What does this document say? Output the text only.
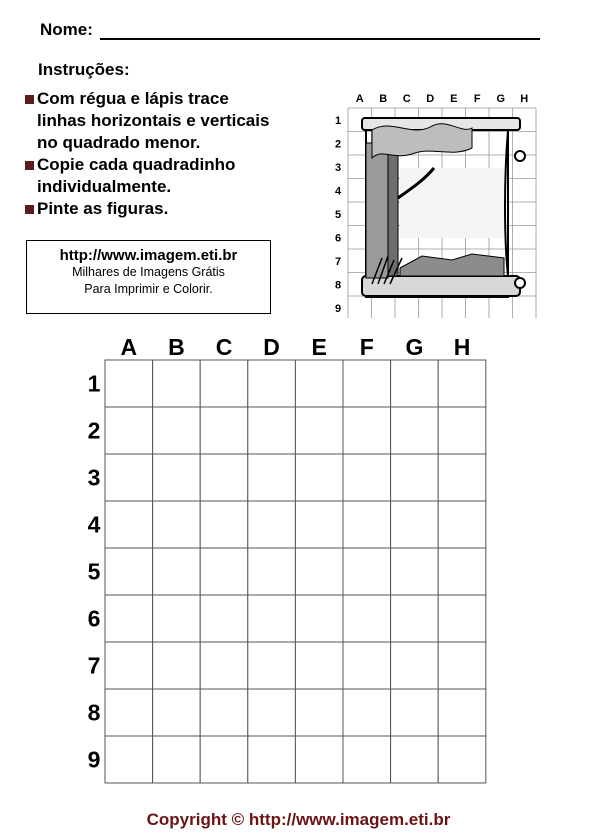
Nome:
Instruções:
Com régua e lápis trace
linhas horizontais e verticais
no quadrado menor.
Copie cada quadradinho
individualmente.
Pinte as figuras.
http://www.imagem.eti.br
Milhares de Imagens Grátis
Para Imprimir e Colorir.
A B C D E F G H
1
2
3
4
5
6
7
8
9
A B C D E F G H
1
2
3
4
5
6
7
8
9
Copyright © http://www.imagem.eti.br
